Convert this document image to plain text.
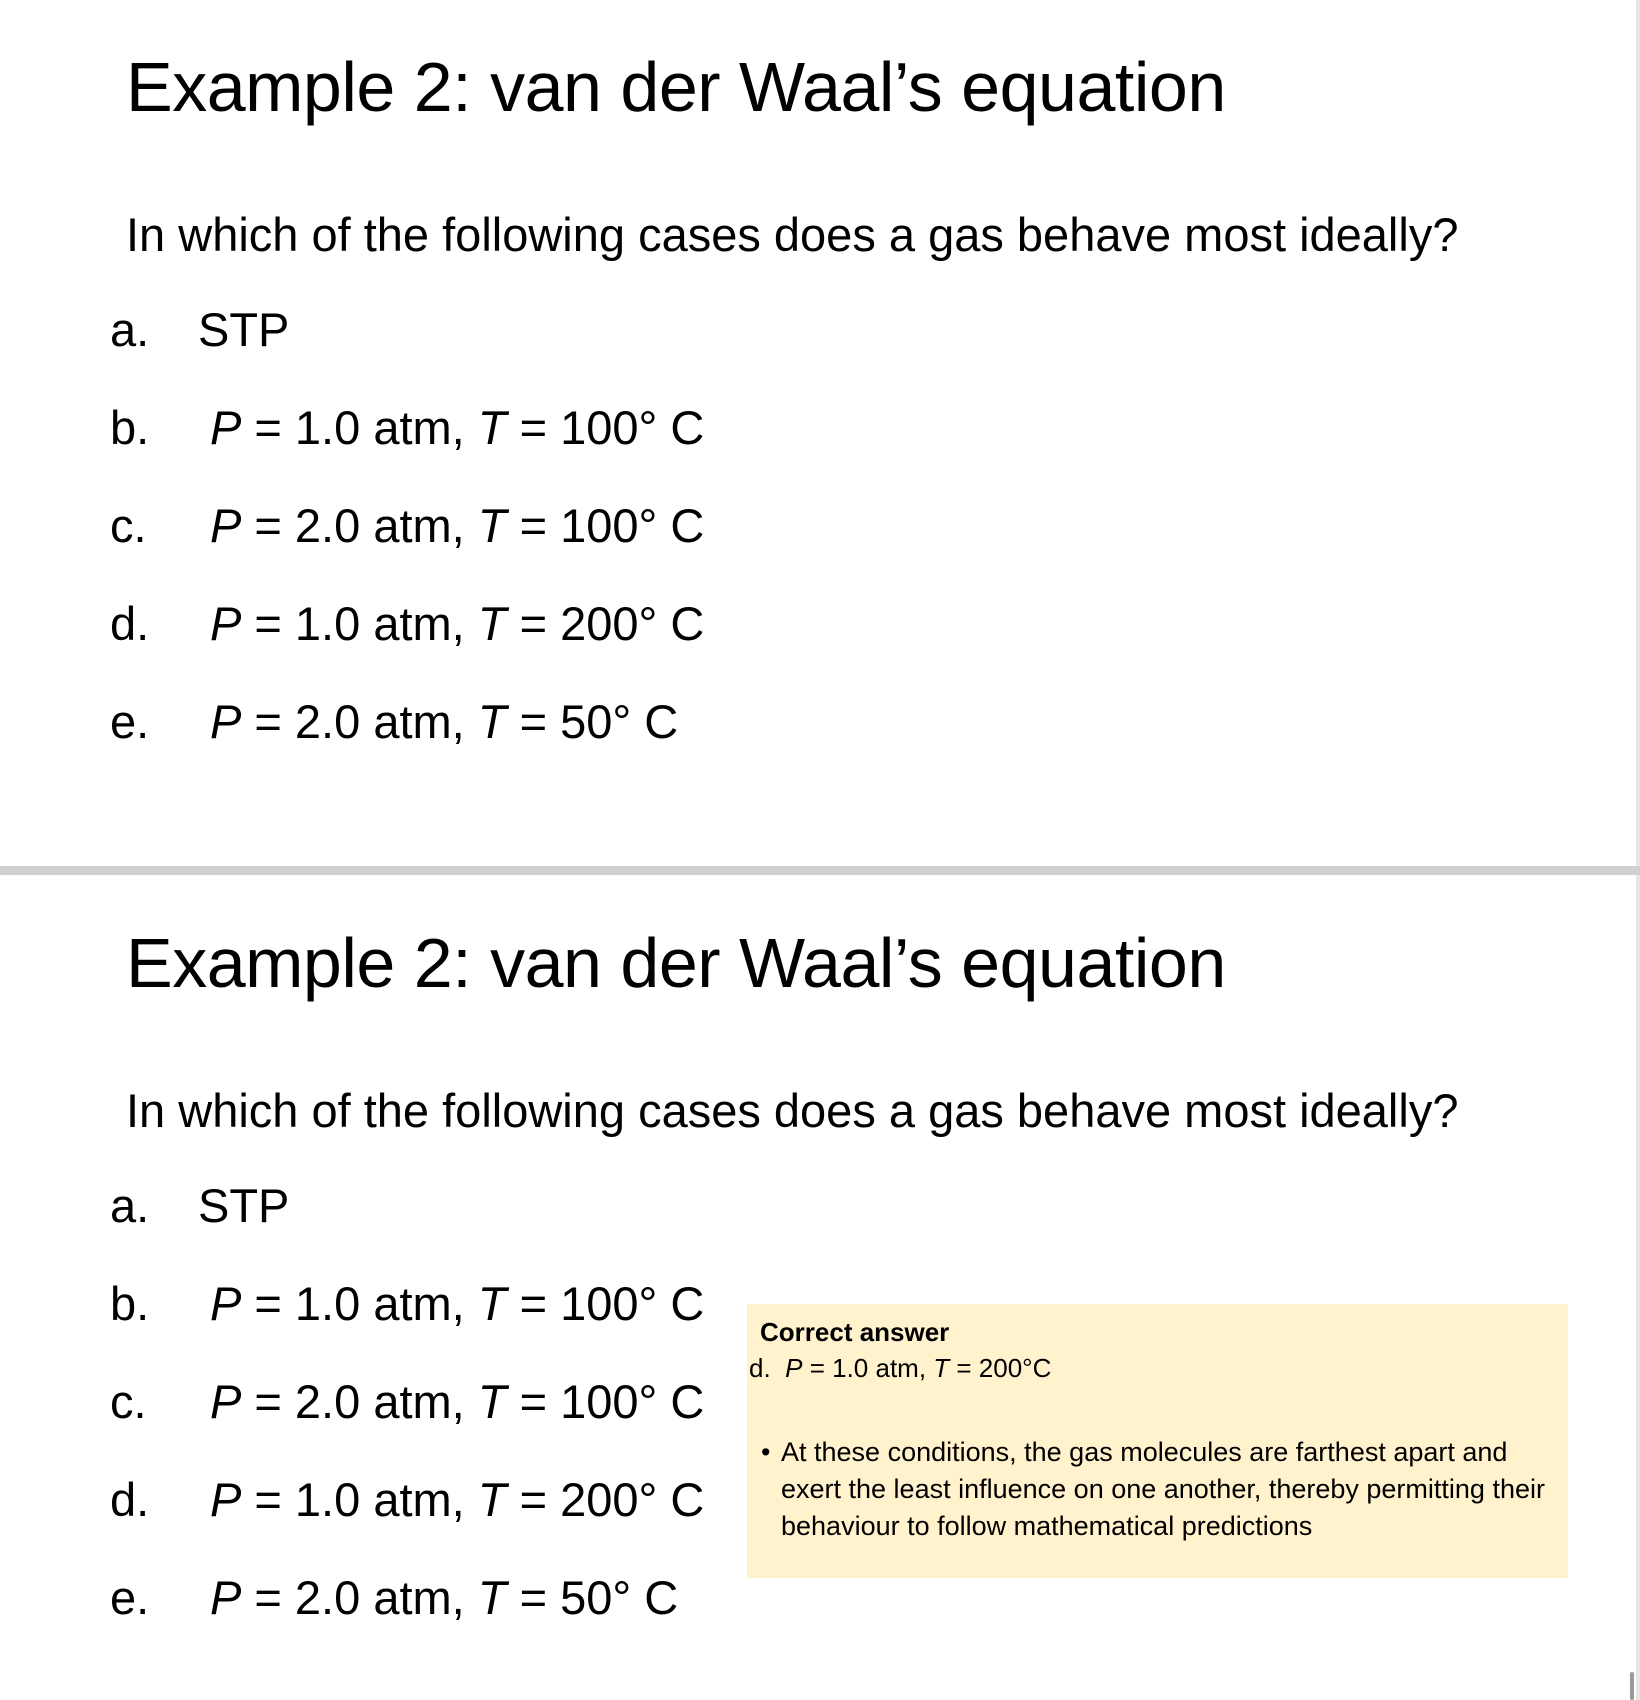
Example 2: van der Waal’s equation
In which of the following cases does a gas behave most ideally?
a. STP
b. P = 1.0 atm, T = 100° C
c. P = 2.0 atm, T = 100° C
d. P = 1.0 atm, T = 200° C
e. P = 2.0 atm, T = 50° C
Example 2: van der Waal’s equation
In which of the following cases does a gas behave most ideally?
a. STP
b. P = 1.0 atm, T = 100° C
c. P = 2.0 atm, T = 100° C
d. P = 1.0 atm, T = 200° C
e. P = 2.0 atm, T = 50° C
Correct answer
d. P = 1.0 atm, T = 200°C
• At these conditions, the gas molecules are farthest apart and exert the least influence on one another, thereby permitting their behaviour to follow mathematical predictions
